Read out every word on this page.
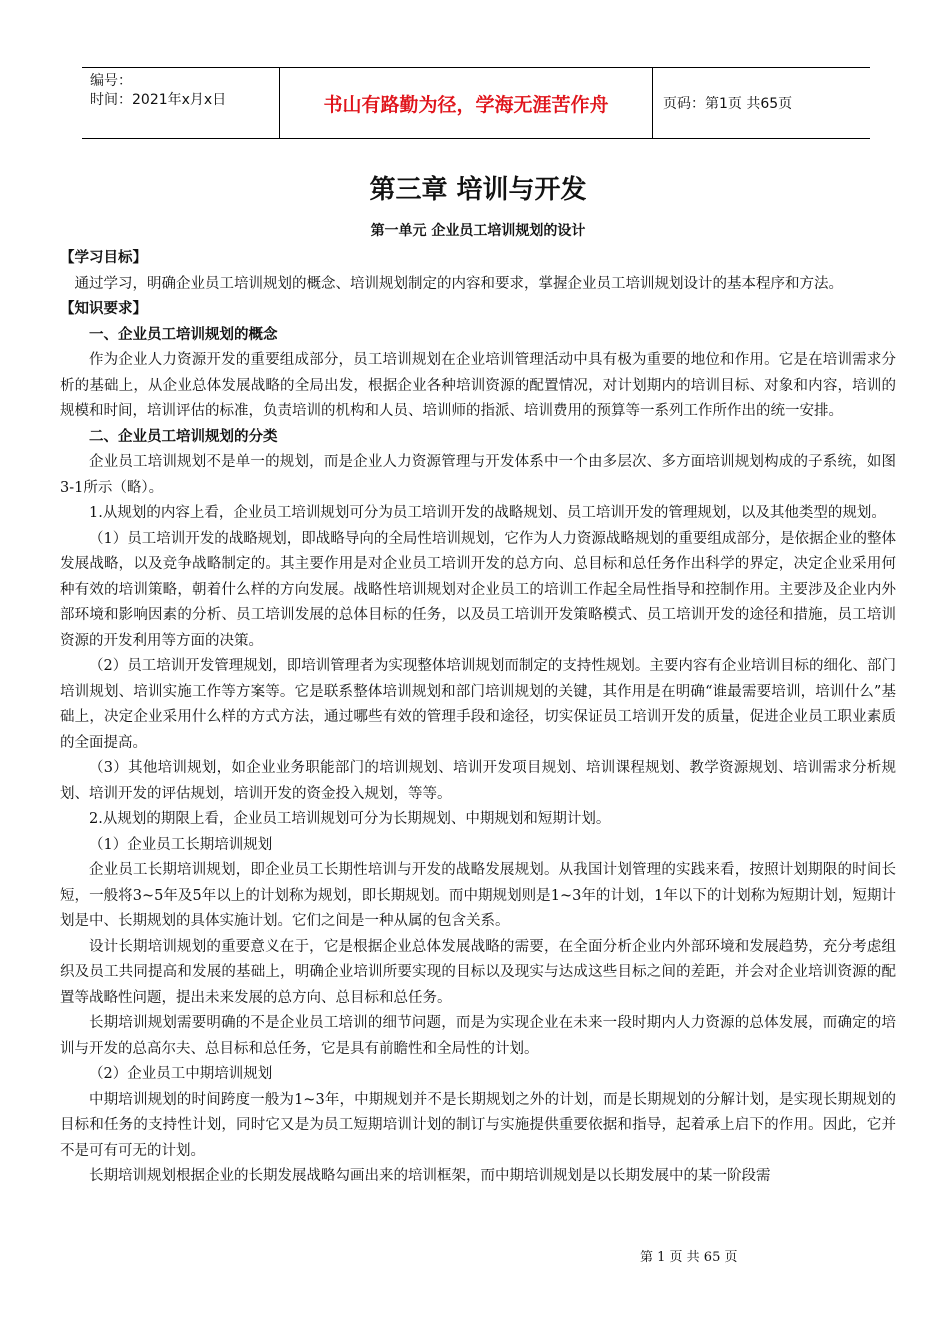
编号：
时间：2021年x月x日	书山有路勤为径，学海无涯苦作舟	页码：第1页 共65页
第三章 培训与开发
第一单元 企业员工培训规划的设计

【学习目标】

通过学习，明确企业员工培训规划的概念、培训规划制定的内容和要求，掌握企业员工培训规划设计的基本程序和方法。

【知识要求】

一、企业员工培训规划的概念

作为企业人力资源开发的重要组成部分，员工培训规划在企业培训管理活动中具有极为重要的地位和作用。它是在培训需求分析的基础上，从企业总体发展战略的全局出发，根据企业各种培训资源的配置情况，对计划期内的培训目标、对象和内容，培训的规模和时间，培训评估的标准，负责培训的机构和人员、培训师的指派、培训费用的预算等一系列工作所作出的统一安排。

二、企业员工培训规划的分类

企业员工培训规划不是单一的规划，而是企业人力资源管理与开发体系中一个由多层次、多方面培训规划构成的子系统，如图3-1所示（略）。

1.从规划的内容上看，企业员工培训规划可分为员工培训开发的战略规划、员工培训开发的管理规划，以及其他类型的规划。

（1）员工培训开发的战略规划，即战略导向的全局性培训规划，它作为人力资源战略规划的重要组成部分，是依据企业的整体发展战略，以及竞争战略制定的。其主要作用是对企业员工培训开发的总方向、总目标和总任务作出科学的界定，决定企业采用何种有效的培训策略，朝着什么样的方向发展。战略性培训规划对企业员工的培训工作起全局性指导和控制作用。主要涉及企业内外部环境和影响因素的分析、员工培训发展的总体目标的任务，以及员工培训开发策略模式、员工培训开发的途径和措施，员工培训资源的开发利用等方面的决策。

（2）员工培训开发管理规划，即培训管理者为实现整体培训规划而制定的支持性规划。主要内容有企业培训目标的细化、部门培训规划、培训实施工作等方案等。它是联系整体培训规划和部门培训规划的关键，其作用是在明确“谁最需要培训，培训什么”基础上，决定企业采用什么样的方式方法，通过哪些有效的管理手段和途径，切实保证员工培训开发的质量，促进企业员工职业素质的全面提高。

（3）其他培训规划，如企业业务职能部门的培训规划、培训开发项目规划、培训课程规划、教学资源规划、培训需求分析规划、培训开发的评估规划，培训开发的资金投入规划，等等。

2.从规划的期限上看，企业员工培训规划可分为长期规划、中期规划和短期计划。

（1）企业员工长期培训规划

企业员工长期培训规划，即企业员工长期性培训与开发的战略发展规划。从我国计划管理的实践来看，按照计划期限的时间长短，一般将3~5年及5年以上的计划称为规划，即长期规划。而中期规划则是1~3年的计划，1年以下的计划称为短期计划，短期计划是中、长期规划的具体实施计划。它们之间是一种从属的包含关系。

设计长期培训规划的重要意义在于，它是根据企业总体发展战略的需要，在全面分析企业内外部环境和发展趋势，充分考虑组织及员工共同提高和发展的基础上，明确企业培训所要实现的目标以及现实与达成这些目标之间的差距，并会对企业培训资源的配置等战略性问题，提出未来发展的总方向、总目标和总任务。

长期培训规划需要明确的不是企业员工培训的细节问题，而是为实现企业在未来一段时期内人力资源的总体发展，而确定的培训与开发的总高尔夫、总目标和总任务，它是具有前瞻性和全局性的计划。

（2）企业员工中期培训规划

中期培训规划的时间跨度一般为1~3年，中期规划并不是长期规划之外的计划，而是长期规划的分解计划，是实现长期规划的目标和任务的支持性计划，同时它又是为员工短期培训计划的制订与实施提供重要依据和指导，起着承上启下的作用。因此，它并不是可有可无的计划。

长期培训规划根据企业的长期发展战略勾画出来的培训框架，而中期培训规划是以长期发展中的某一阶段需

第 1 页 共 65 页
